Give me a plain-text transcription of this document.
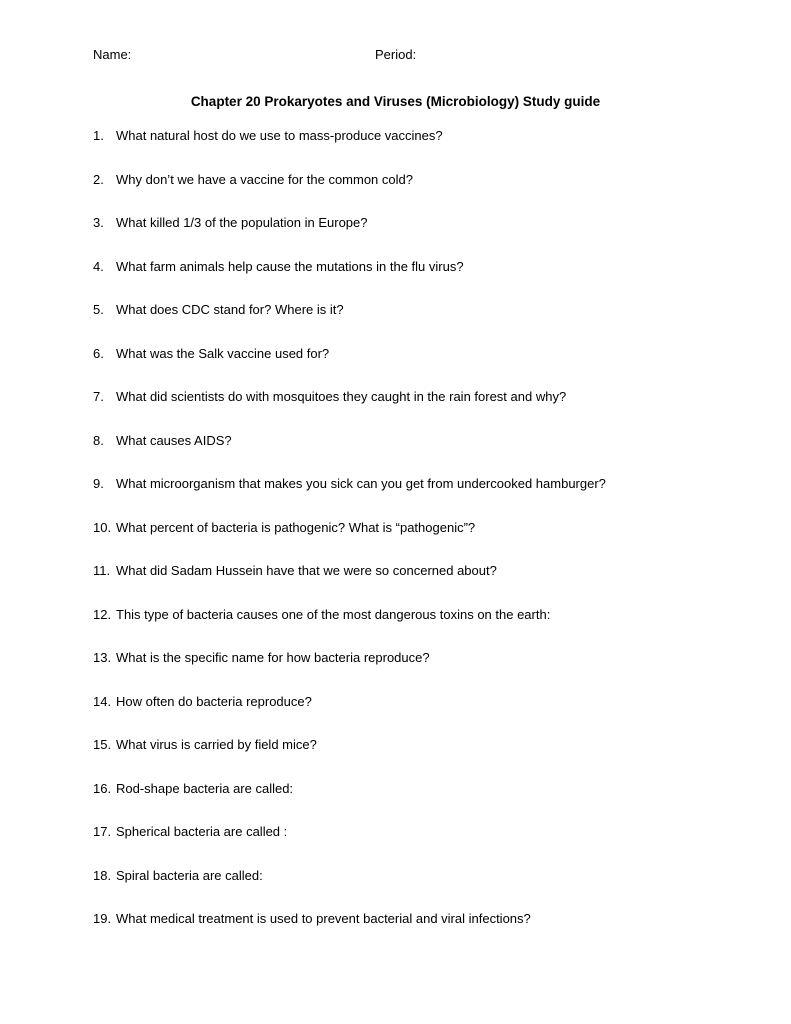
Name:	Period:
Chapter 20 Prokaryotes and Viruses (Microbiology) Study guide
1. What natural host do we use to mass-produce vaccines?
2. Why don’t we have a vaccine for the common cold?
3. What killed 1/3 of the population in Europe?
4. What farm animals help cause the mutations in the flu virus?
5. What does CDC stand for? Where is it?
6. What was the Salk vaccine used for?
7. What did scientists do with mosquitoes they caught in the rain forest and why?
8. What causes AIDS?
9. What microorganism that makes you sick can you get from undercooked hamburger?
10. What percent of bacteria is pathogenic? What is “pathogenic”?
11. What did Sadam Hussein have that we were so concerned about?
12. This type of bacteria causes one of the most dangerous toxins on the earth:
13. What is the specific name for how bacteria reproduce?
14. How often do bacteria reproduce?
15. What virus is carried by field mice?
16. Rod-shape bacteria are called:
17. Spherical bacteria are called :
18. Spiral bacteria are called:
19. What medical treatment is used to prevent bacterial and viral infections?
